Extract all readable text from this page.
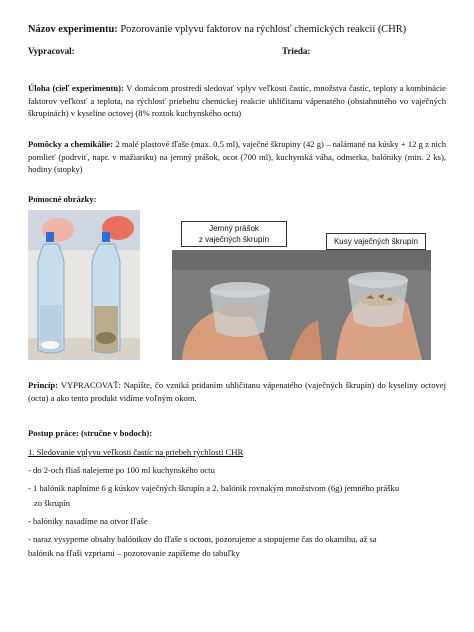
Názov experimentu: Pozorovanie vplyvu faktorov na rýchlosť chemických reakcií (CHR)
Vypracoval:	Trieda:
Úloha (cieľ experimentu): V domácom prostredí sledovať vplyv veľkosti častíc, množstva častíc, teploty a kombinácie faktorov veľkosť a teplota, na rýchlosť priebehu chemickej reakcie uhličitanu vápenatého (obsiahnutého vo vaječných škrupinách) v kyseline octovej (8% roztok kuchynského octu)
Pomôcky a chemikálie: 2 malé plastové fľaše (max. 0,5 ml), vaječné škrupiny (42 g) – nalámané na kúsky + 12 g z nich pomlieť (podrviť, napr. v mažiariku) na jemný prášok, ocot (700 ml), kuchynská váha, odmerka, balóniky (min. 2 ks), hodiny (stopky)
Pomocné obrázky:
Jemný prášok
z vaječných škrupín	Kusy vaječných škrupín
Princíp: VYPRACOVAŤ: Napíšte, čo vzniká pridaním uhličitanu vápenatého (vaječných škrupín) do kyseliny octovej (octu) a ako tento produkt vidíme voľným okom.
Postup práce: (stručne v bodoch):
1. Sledovanie vplyvu veľkosti častíc na priebeh rýchlosti CHR
- do 2-och fliaš nalejeme po 100 ml kuchynského octu
- 1 balónik naplníme 6 g kúskov vaječných škrupín a 2. balónik rovnakým množstvom (6g) jemného prášku
zo škrupín
- balóniky nasadíme na otvor fľaše
- naraz vysypeme obsahy balónikov do fľaše s octom, pozorujeme a stopujeme čas do okamihu, až sa
balónik na fľaši vzpriami – pozorovanie zapíšeme do tabuľky
